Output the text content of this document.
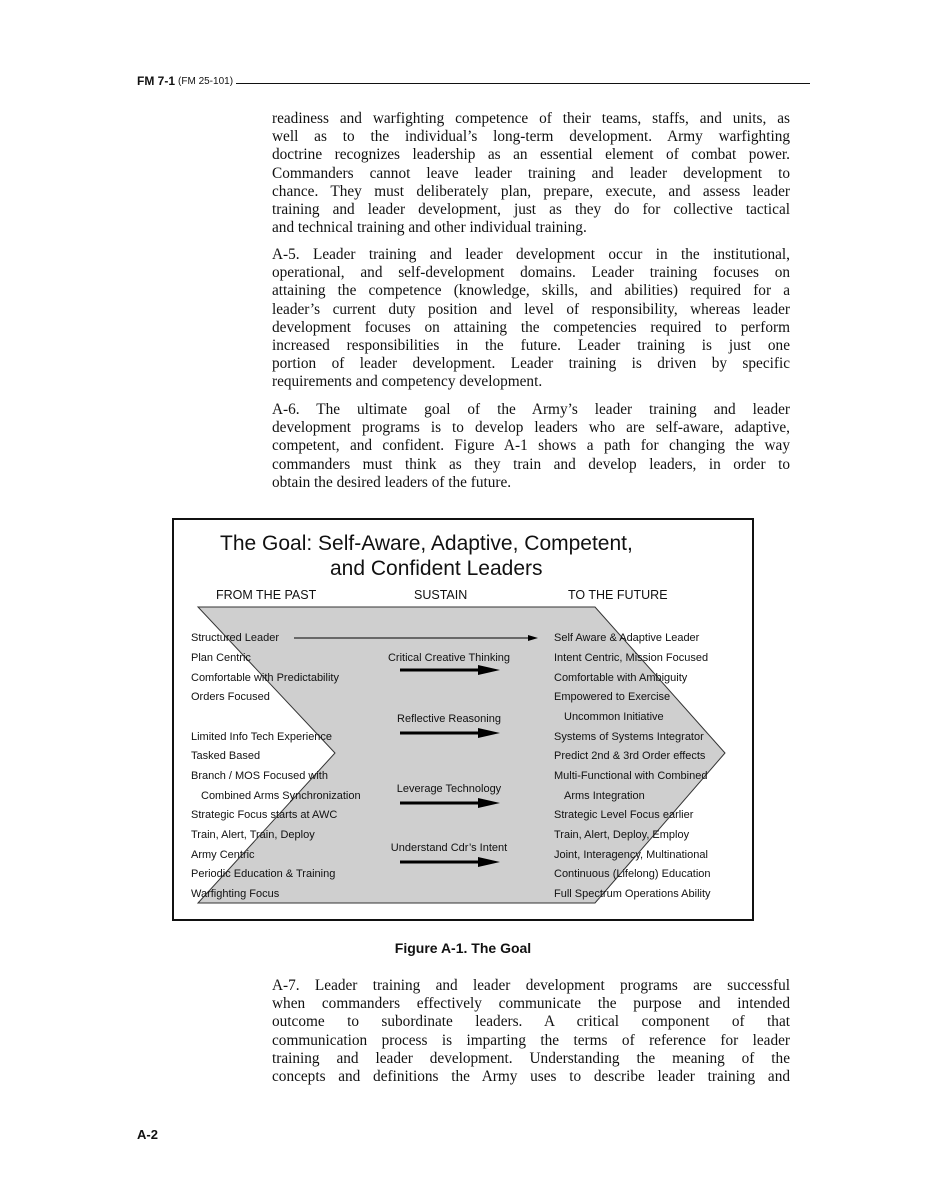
FM 7-1 (FM 25-101)
readiness and warfighting competence of their teams, staffs, and units, as
well as to the individual’s long-term development. Army warfighting
doctrine recognizes leadership as an essential element of combat power.
Commanders cannot leave leader training and leader development to
chance. They must deliberately plan, prepare, execute, and assess leader
training and leader development, just as they do for collective tactical
and technical training and other individual training.
A-5. Leader training and leader development occur in the institutional,
operational, and self-development domains. Leader training focuses on
attaining the competence (knowledge, skills, and abilities) required for a
leader’s current duty position and level of responsibility, whereas leader
development focuses on attaining the competencies required to perform
increased responsibilities in the future. Leader training is just one
portion of leader development. Leader training is driven by specific
requirements and competency development.
A-6. The ultimate goal of the Army’s leader training and leader
development programs is to develop leaders who are self-aware, adaptive,
competent, and confident. Figure A-1 shows a path for changing the way
commanders must think as they train and develop leaders, in order to
obtain the desired leaders of the future.
The Goal: Self-Aware, Adaptive, Competent,
and Confident Leaders
FROM THE PAST	SUSTAIN	TO THE FUTURE
Structured Leader
Plan Centric
Comfortable with Predictability
Orders Focused
Limited Info Tech Experience
Tasked Based
Branch / MOS Focused with
Combined Arms Synchronization
Strategic Focus starts at AWC
Train, Alert, Train, Deploy
Army Centric
Periodic Education & Training
Warfighting Focus
Self Aware & Adaptive Leader
Intent Centric, Mission Focused
Comfortable with Ambiguity
Empowered to Exercise
Uncommon Initiative
Systems of Systems Integrator
Predict 2nd & 3rd Order effects
Multi-Functional with Combined
Arms Integration
Strategic Level Focus earlier
Train, Alert, Deploy, Employ
Joint, Interagency, Multinational
Continuous (Lifelong) Education
Full Spectrum Operations Ability
Critical Creative Thinking
Reflective Reasoning
Leverage Technology
Understand Cdr’s Intent
Figure A-1. The Goal
A-7. Leader training and leader development programs are successful
when commanders effectively communicate the purpose and intended
outcome to subordinate leaders. A critical component of that
communication process is imparting the terms of reference for leader
training and leader development. Understanding the meaning of the
concepts and definitions the Army uses to describe leader training and
A-2
